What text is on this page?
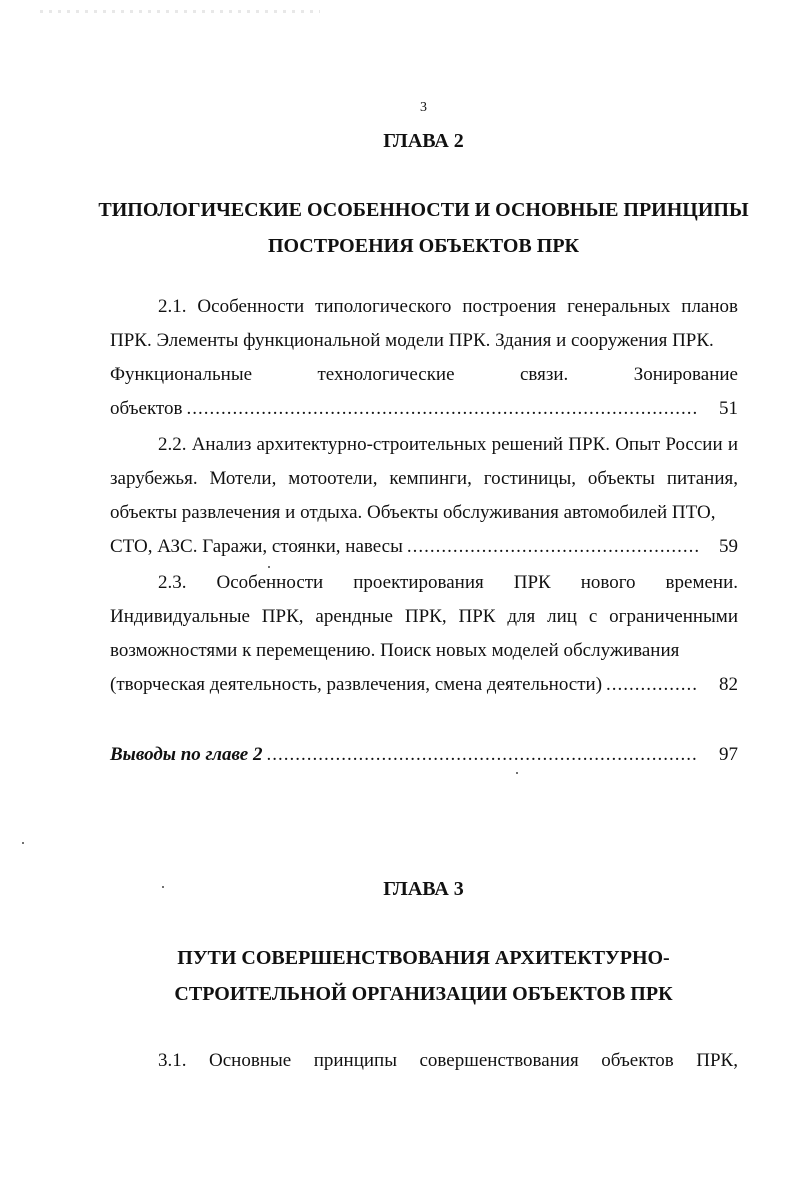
3
ГЛАВА 2
ТИПОЛОГИЧЕСКИЕ ОСОБЕННОСТИ И ОСНОВНЫЕ ПРИНЦИПЫ
ПОСТРОЕНИЯ ОБЪЕКТОВ ПРК
2.1. Особенности типологического построения генеральных планов ПРК. Элементы функциональной модели ПРК. Здания и сооружения ПРК.
Функциональные	технологические	связи.	Зонирование
объектов .....	51
2.2. Анализ архитектурно-строительных решений ПРК. Опыт России и зарубежья. Мотели, мотоотели, кемпинги, гостиницы, объекты питания, объекты развлечения и отдыха. Объекты обслуживания автомобилей ПТО,
СТО, АЗС. Гаражи, стоянки, навесы .....	59
2.3. Особенности проектирования ПРК нового времени. Индивидуальные ПРК, арендные ПРК, ПРК для лиц с ограниченными возможностями к перемещению. Поиск новых моделей обслуживания
(творческая деятельность, развлечения, смена деятельности) .....	82
Выводы по главе 2 .....	97
ГЛАВА 3
ПУТИ СОВЕРШЕНСТВОВАНИЯ АРХИТЕКТУРНО-
СТРОИТЕЛЬНОЙ ОРГАНИЗАЦИИ ОБЪЕКТОВ ПРК
3.1. Основные принципы совершенствования объектов ПРК,
